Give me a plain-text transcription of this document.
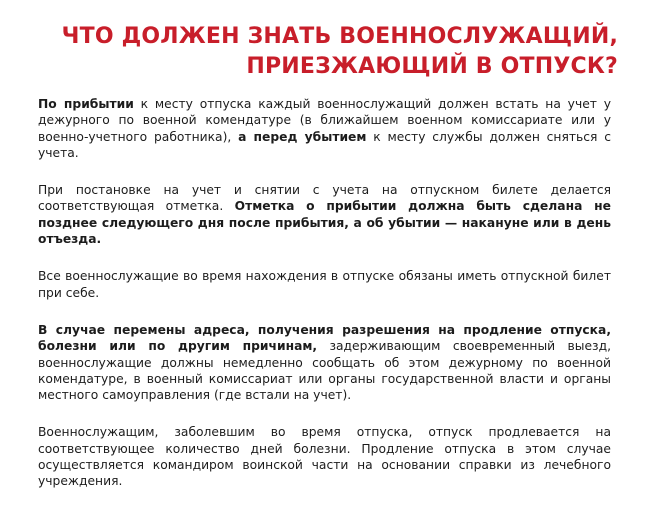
ЧТО ДОЛЖЕН ЗНАТЬ ВОЕННОСЛУЖАЩИЙ,
ПРИЕЗЖАЮЩИЙ В ОТПУСК?

По прибытии к месту отпуска каждый военнослужащий должен встать на учет у дежурного по военной комендатуре (в ближайшем военном комиссариате или у военно-учетного работника), а перед убытием к месту службы должен сняться с учета.

При постановке на учет и снятии с учета на отпускном билете делается соответствующая отметка. Отметка о прибытии должна быть сделана не позднее следующего дня после прибытия, а об убытии — накануне или в день отъезда.

Все военнослужащие во время нахождения в отпуске обязаны иметь отпускной билет при себе.

В случае перемены адреса, получения разрешения на продление отпуска, болезни или по другим причинам, задерживающим своевременный выезд, военнослужащие должны немедленно сообщать об этом дежурному по военной комендатуре, в военный комиссариат или органы государственной власти и органы местного самоуправления (где встали на учет).

Военнослужащим, заболевшим во время отпуска, отпуск продлевается на соответствующее количество дней болезни. Продление отпуска в этом случае осуществляется командиром воинской части на основании справки из лечебного учреждения.
